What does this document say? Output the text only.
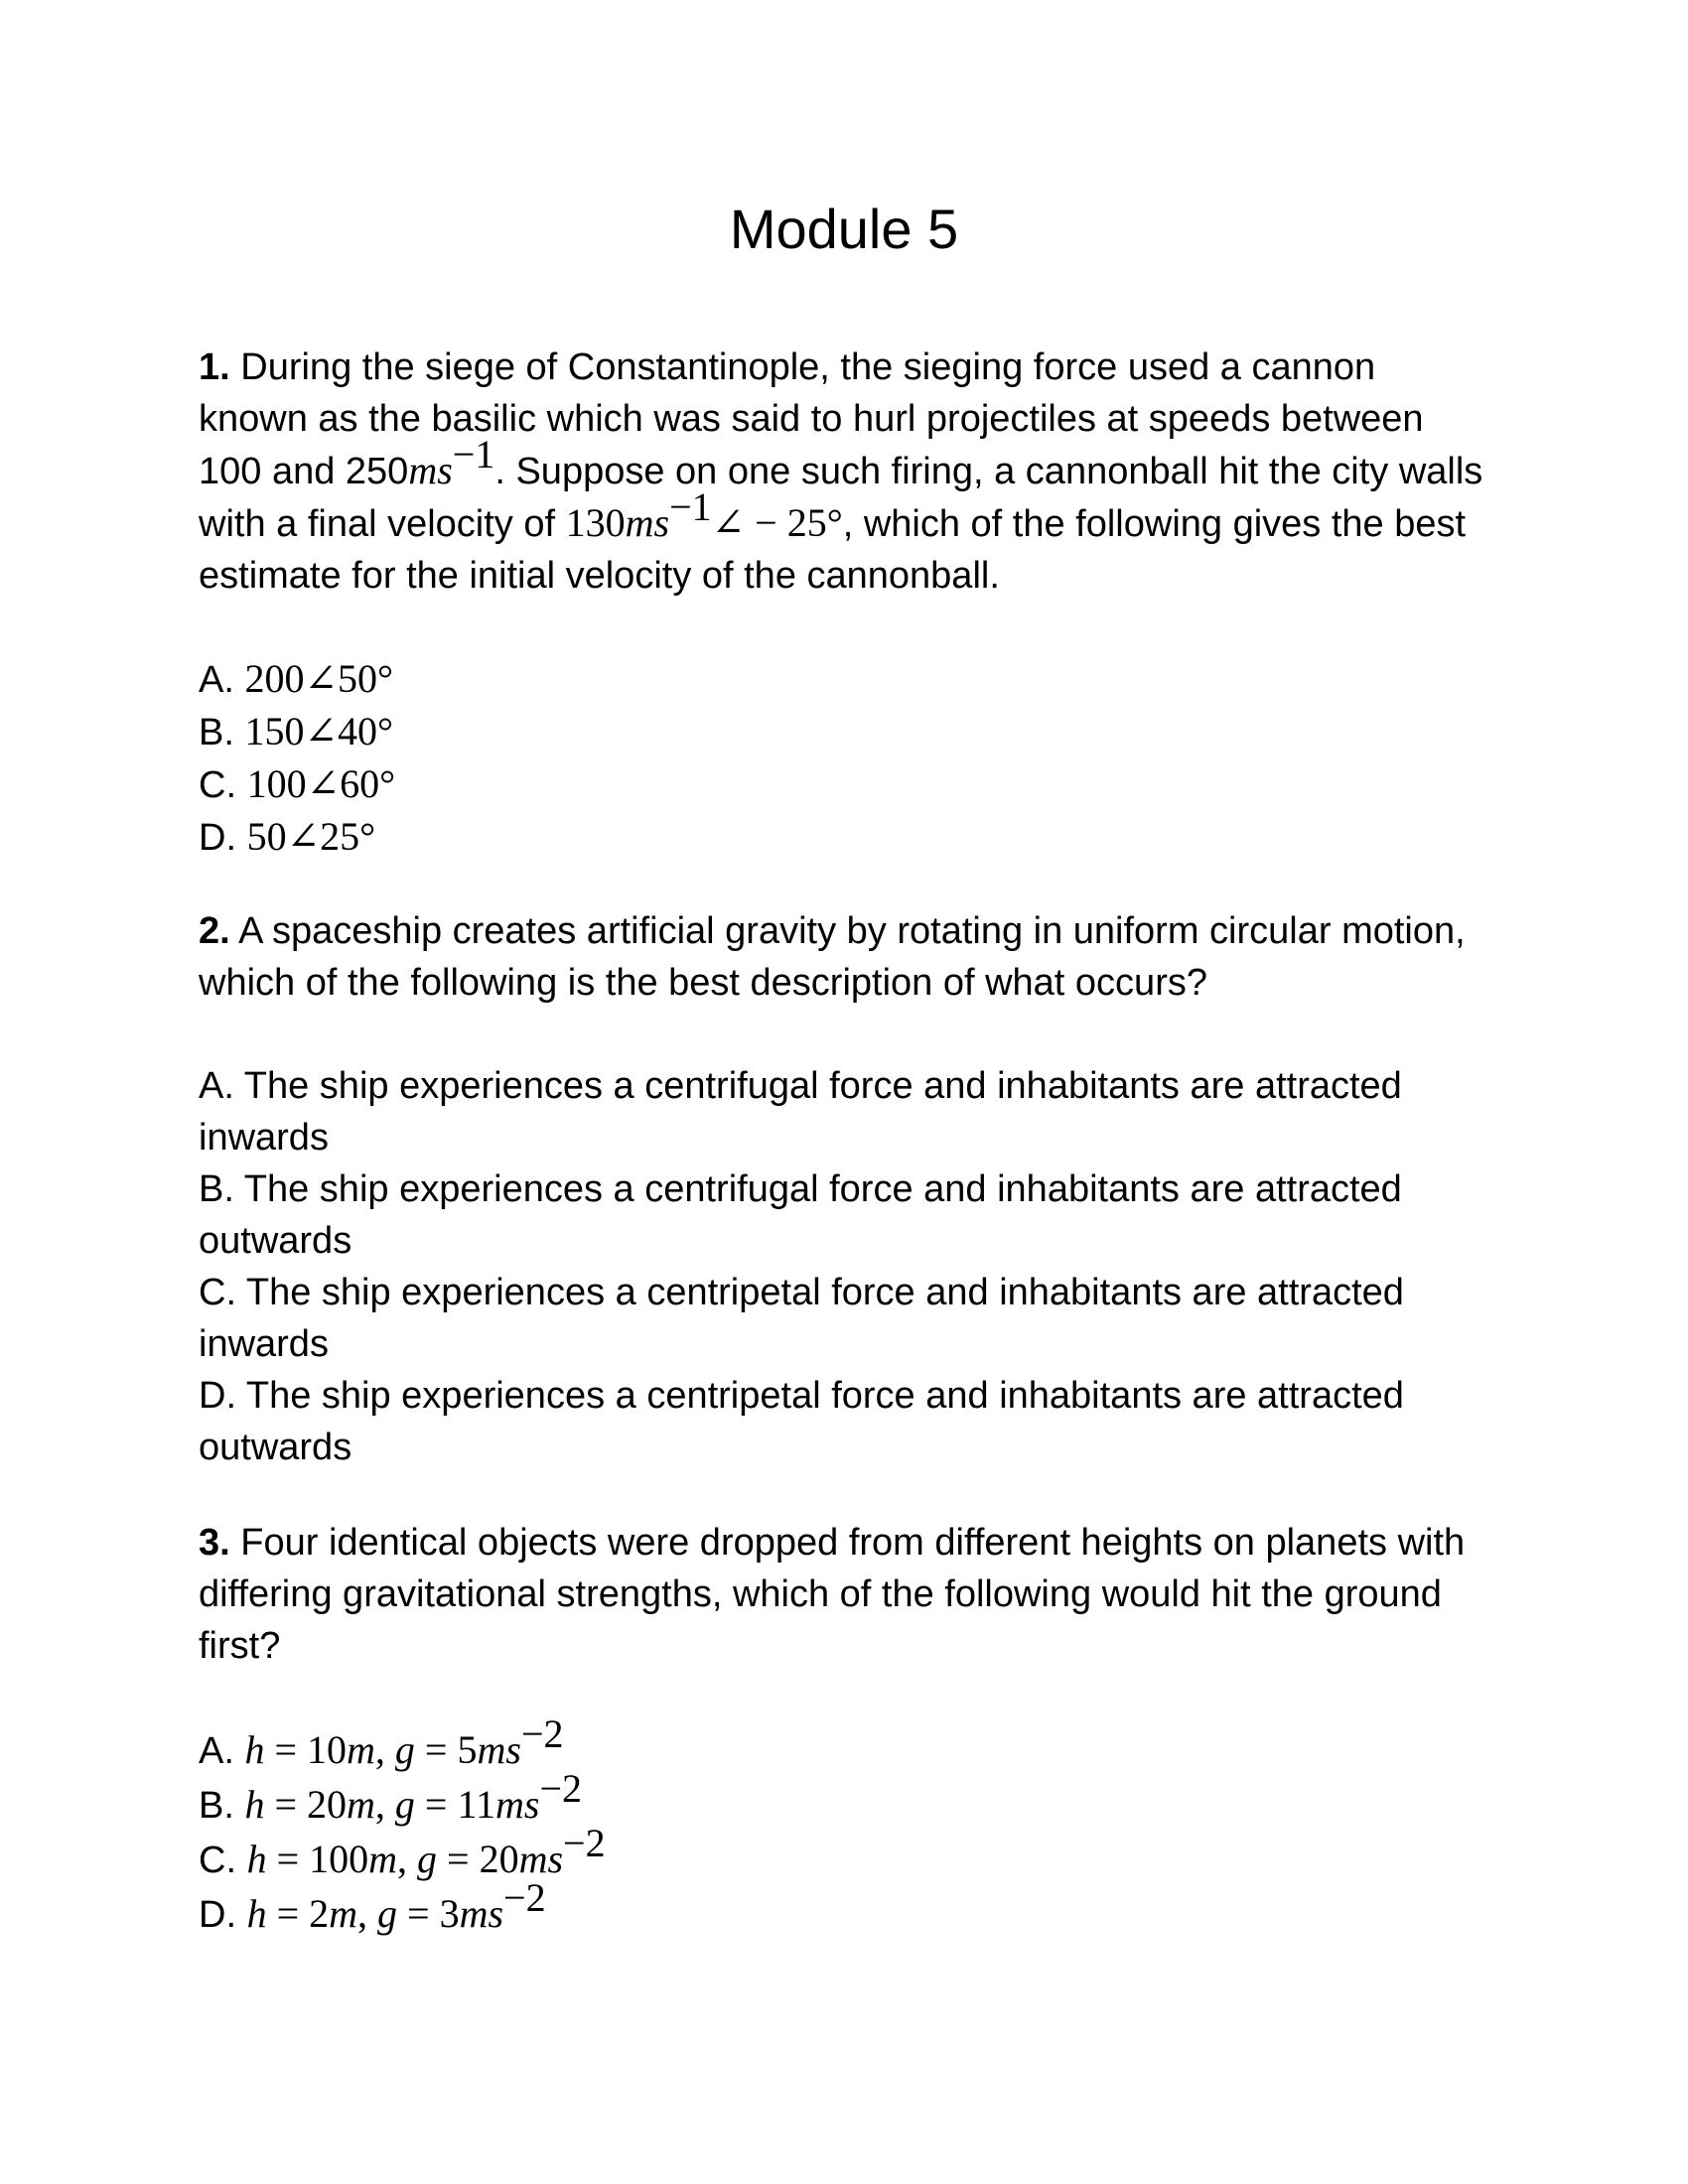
Module 5

1. During the siege of Constantinople, the sieging force used a cannon known as the basilic which was said to hurl projectiles at speeds between 100 and $250ms^{-1}$. Suppose on one such firing, a cannonball hit the city walls with a final velocity of $130ms^{-1}\angle - 25^\circ$, which of the following gives the best estimate for the initial velocity of the cannonball.

A. 200∠50°

B. 150∠40°

C. 100∠60°

D. 50∠25°

2. A spaceship creates artificial gravity by rotating in uniform circular motion, which of the following is the best description of what occurs?

A. The ship experiences a centrifugal force and inhabitants are attracted inwards

B. The ship experiences a centrifugal force and inhabitants are attracted outwards

C. The ship experiences a centripetal force and inhabitants are attracted inwards

D. The ship experiences a centripetal force and inhabitants are attracted outwards

3. Four identical objects were dropped from different heights on planets with differing gravitational strengths, which of the following would hit the ground first?

A. h = 10m, $g = 5ms^{-2}$

B. h = 20m, $g = 11ms^{-2}$

C. h = 100m, $g = 20ms^{-2}$

D. h = 2m, $g = 3ms^{-2}$
